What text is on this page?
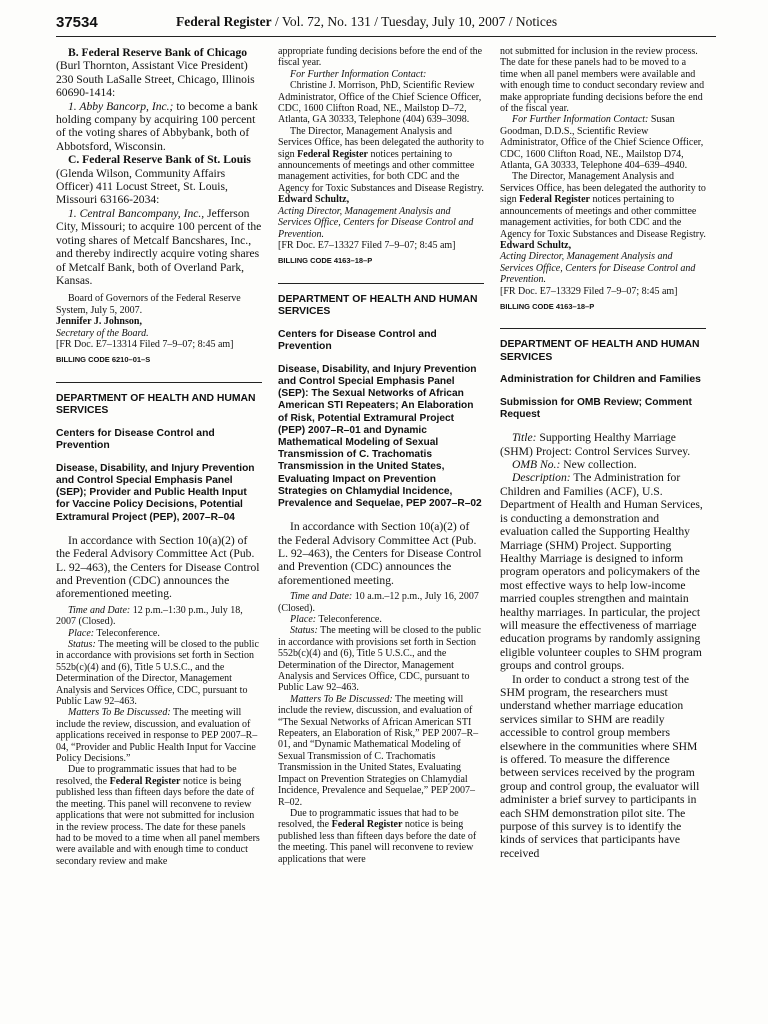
37534	Federal Register / Vol. 72, No. 131 / Tuesday, July 10, 2007 / Notices

B. Federal Reserve Bank of Chicago (Burl Thornton, Assistant Vice President) 230 South LaSalle Street, Chicago, Illinois 60690-1414:

1. Abby Bancorp, Inc.; to become a bank holding company by acquiring 100 percent of the voting shares of Abbybank, both of Abbotsford, Wisconsin.

C. Federal Reserve Bank of St. Louis (Glenda Wilson, Community Affairs Officer) 411 Locust Street, St. Louis, Missouri 63166-2034:

1. Central Bancompany, Inc., Jefferson City, Missouri; to acquire 100 percent of the voting shares of Metcalf Bancshares, Inc., and thereby indirectly acquire voting shares of Metcalf Bank, both of Overland Park, Kansas.

Board of Governors of the Federal Reserve System, July 5, 2007.

Jennifer J. Johnson,

Secretary of the Board.

[FR Doc. E7–13314 Filed 7–9–07; 8:45 am]

BILLING CODE 6210–01–S
DEPARTMENT OF HEALTH AND HUMAN SERVICES
Centers for Disease Control and Prevention
Disease, Disability, and Injury Prevention and Control Special Emphasis Panel (SEP); Provider and Public Health Input for Vaccine Policy Decisions, Potential Extramural Project (PEP), 2007–R–04

In accordance with Section 10(a)(2) of the Federal Advisory Committee Act (Pub. L. 92–463), the Centers for Disease Control and Prevention (CDC) announces the aforementioned meeting.

Time and Date: 12 p.m.–1:30 p.m., July 18, 2007 (Closed).

Place: Teleconference.

Status: The meeting will be closed to the public in accordance with provisions set forth in Section 552b(c)(4) and (6), Title 5 U.S.C., and the Determination of the Director, Management Analysis and Services Office, CDC, pursuant to Public Law 92–463.

Matters To Be Discussed: The meeting will include the review, discussion, and evaluation of applications received in response to PEP 2007–R–04, “Provider and Public Health Input for Vaccine Policy Decisions.”

Due to programmatic issues that had to be resolved, the Federal Register notice is being published less than fifteen days before the date of the meeting. This panel will reconvene to review applications that were not submitted for inclusion in the review process. The date for these panels had to be moved to a time when all panel members were available and with enough time to conduct secondary review and make

appropriate funding decisions before the end of the fiscal year.

For Further Information Contact:

Christine J. Morrison, PhD, Scientific Review Administrator, Office of the Chief Science Officer, CDC, 1600 Clifton Road, NE., Mailstop D–72, Atlanta, GA 30333, Telephone (404) 639–3098.

The Director, Management Analysis and Services Office, has been delegated the authority to sign Federal Register notices pertaining to announcements of meetings and other committee management activities, for both CDC and the Agency for Toxic Substances and Disease Registry.

Edward Schultz,

Acting Director, Management Analysis and Services Office, Centers for Disease Control and Prevention.

[FR Doc. E7–13327 Filed 7–9–07; 8:45 am]

BILLING CODE 4163–18–P
DEPARTMENT OF HEALTH AND HUMAN SERVICES
Centers for Disease Control and Prevention
Disease, Disability, and Injury Prevention and Control Special Emphasis Panel (SEP): The Sexual Networks of African American STI Repeaters; An Elaboration of Risk, Potential Extramural Project (PEP) 2007–R–01 and Dynamic Mathematical Modeling of Sexual Transmission of C. Trachomatis Transmission in the United States, Evaluating Impact on Prevention Strategies on Chlamydial Incidence, Prevalence and Sequelae, PEP 2007–R–02

In accordance with Section 10(a)(2) of the Federal Advisory Committee Act (Pub. L. 92–463), the Centers for Disease Control and Prevention (CDC) announces the aforementioned meeting.

Time and Date: 10 a.m.–12 p.m., July 16, 2007 (Closed).

Place: Teleconference.

Status: The meeting will be closed to the public in accordance with provisions set forth in Section 552b(c)(4) and (6), Title 5 U.S.C., and the Determination of the Director, Management Analysis and Services Office, CDC, pursuant to Public Law 92–463.

Matters To Be Discussed: The meeting will include the review, discussion, and evaluation of “The Sexual Networks of African American STI Repeaters, an Elaboration of Risk,” PEP 2007–R–01, and “Dynamic Mathematical Modeling of Sexual Transmission of C. Trachomatis Transmission in the United States, Evaluating Impact on Prevention Strategies on Chlamydial Incidence, Prevalence and Sequelae,” PEP 2007–R–02.

Due to programmatic issues that had to be resolved, the Federal Register notice is being published less than fifteen days before the date of the meeting. This panel will reconvene to review applications that were

not submitted for inclusion in the review process. The date for these panels had to be moved to a time when all panel members were available and with enough time to conduct secondary review and make appropriate funding decisions before the end of the fiscal year.

For Further Information Contact: Susan Goodman, D.D.S., Scientific Review Administrator, Office of the Chief Science Officer, CDC, 1600 Clifton Road, NE., Mailstop D74, Atlanta, GA 30333, Telephone 404–639–4940.

The Director, Management Analysis and Services Office, has been delegated the authority to sign Federal Register notices pertaining to announcements of meetings and other committee management activities, for both CDC and the Agency for Toxic Substances and Disease Registry.

Edward Schultz,

Acting Director, Management Analysis and Services Office, Centers for Disease Control and Prevention.

[FR Doc. E7–13329 Filed 7–9–07; 8:45 am]

BILLING CODE 4163–18–P
DEPARTMENT OF HEALTH AND HUMAN SERVICES
Administration for Children and Families
Submission for OMB Review; Comment Request

Title: Supporting Healthy Marriage (SHM) Project: Control Services Survey.

OMB No.: New collection.

Description: The Administration for Children and Families (ACF), U.S. Department of Health and Human Services, is conducting a demonstration and evaluation called the Supporting Healthy Marriage (SHM) Project. Supporting Healthy Marriage is designed to inform program operators and policymakers of the most effective ways to help low-income married couples strengthen and maintain healthy marriages. In particular, the project will measure the effectiveness of marriage education programs by randomly assigning eligible volunteer couples to SHM program groups and control groups.

In order to conduct a strong test of the SHM program, the researchers must understand whether marriage education services similar to SHM are readily accessible to control group members elsewhere in the communities where SHM is offered. To measure the difference between services received by the program group and control group, the evaluator will administer a brief survey to participants in each SHM demonstration pilot site. The purpose of this survey is to identify the kinds of services that participants have received
